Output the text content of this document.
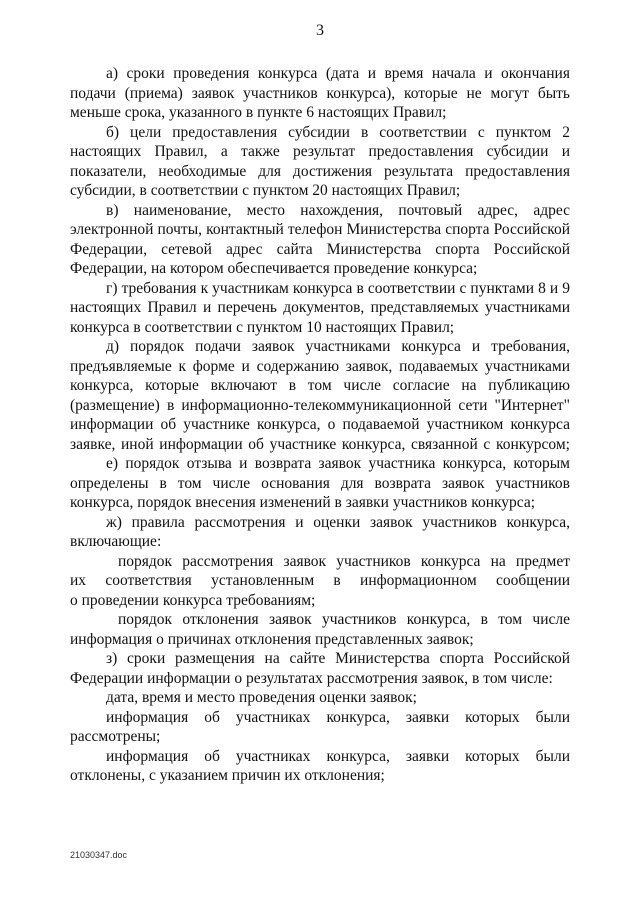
3
а) сроки проведения конкурса (дата и время начала и окончания
подачи (приема) заявок участников конкурса), которые не могут быть
меньше срока, указанного в пункте 6 настоящих Правил;
б) цели предоставления субсидии в соответствии с пунктом 2
настоящих Правил, а также результат предоставления субсидии и
показатели, необходимые для достижения результата предоставления
субсидии, в соответствии с пунктом 20 настоящих Правил;
в) наименование, место нахождения, почтовый адрес, адрес
электронной почты, контактный телефон Министерства спорта Российской
Федерации, сетевой адрес сайта Министерства спорта Российской
Федерации, на котором обеспечивается проведение конкурса;
г) требования к участникам конкурса в соответствии с пунктами 8 и 9
настоящих Правил и перечень документов, представляемых участниками
конкурса в соответствии с пунктом 10 настоящих Правил;
д) порядок подачи заявок участниками конкурса и требования,
предъявляемые к форме и содержанию заявок, подаваемых участниками
конкурса, которые включают в том числе согласие на публикацию
(размещение) в информационно-телекоммуникационной сети "Интернет"
информации об участнике конкурса, о подаваемой участником конкурса
заявке, иной информации об участнике конкурса, связанной с конкурсом;
е) порядок отзыва и возврата заявок участника конкурса, которым
определены в том числе основания для возврата заявок участников
конкурса, порядок внесения изменений в заявки участников конкурса;
ж) правила рассмотрения и оценки заявок участников конкурса,
включающие:
порядок рассмотрения заявок участников конкурса на предмет
их соответствия установленным в информационном сообщении
о проведении конкурса требованиям;
порядок отклонения заявок участников конкурса, в том числе
информация о причинах отклонения представленных заявок;
з) сроки размещения на сайте Министерства спорта Российской
Федерации информации о результатах рассмотрения заявок, в том числе:
дата, время и место проведения оценки заявок;
информация об участниках конкурса, заявки которых были
рассмотрены;
информация об участниках конкурса, заявки которых были
отклонены, с указанием причин их отклонения;
21030347.doc
